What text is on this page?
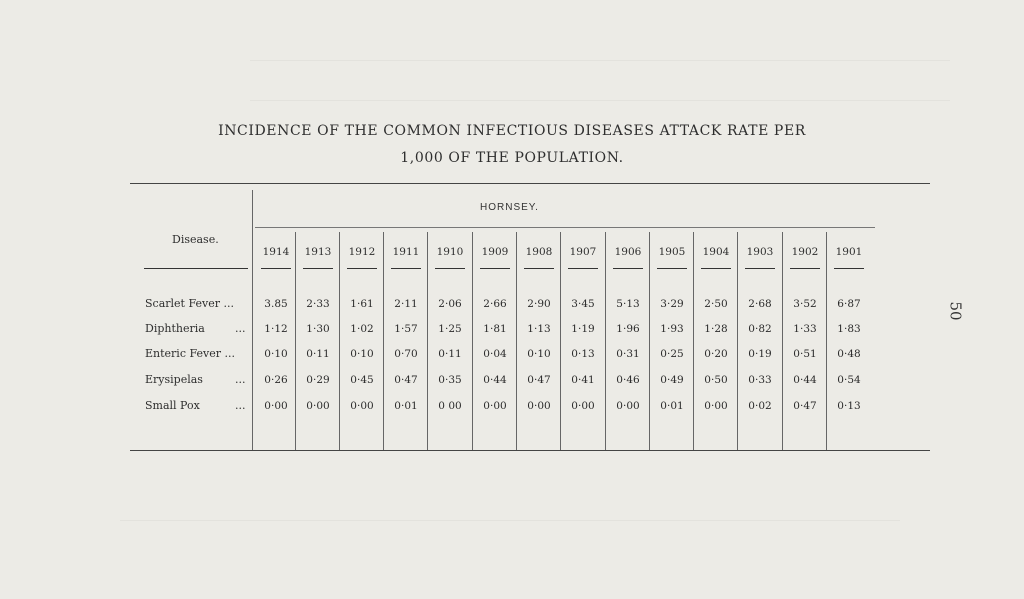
INCIDENCE OF THE COMMON INFECTIOUS DISEASES ATTACK RATE PER
1,000 OF THE POPULATION.
50
HORNSEY.
Disease.
1914	1913	1912	1911	1910	1909	1908	1907	1906	1905	1904	1903	1902	1901
Scarlet Fever ...	3.85	2·33	1·61	2·11	2·06	2·66	2·90	3·45	5·13	3·29	2·50	2·68	3·52	6·87
Diphtheria	...	1·12	1·30	1·02	1·57	1·25	1·81	1·13	1·19	1·96	1·93	1·28	0·82	1·33	1·83
Enteric Fever ...	0·10	0·11	0·10	0·70	0·11	0·04	0·10	0·13	0·31	0·25	0·20	0·19	0·51	0·48
Erysipelas	...	0·26	0·29	0·45	0·47	0·35	0·44	0·47	0·41	0·46	0·49	0·50	0·33	0·44	0·54
Small Pox	...	0·00	0·00	0·00	0·01	0 00	0·00	0·00	0·00	0·00	0·01	0·00	0·02	0·47	0·13
